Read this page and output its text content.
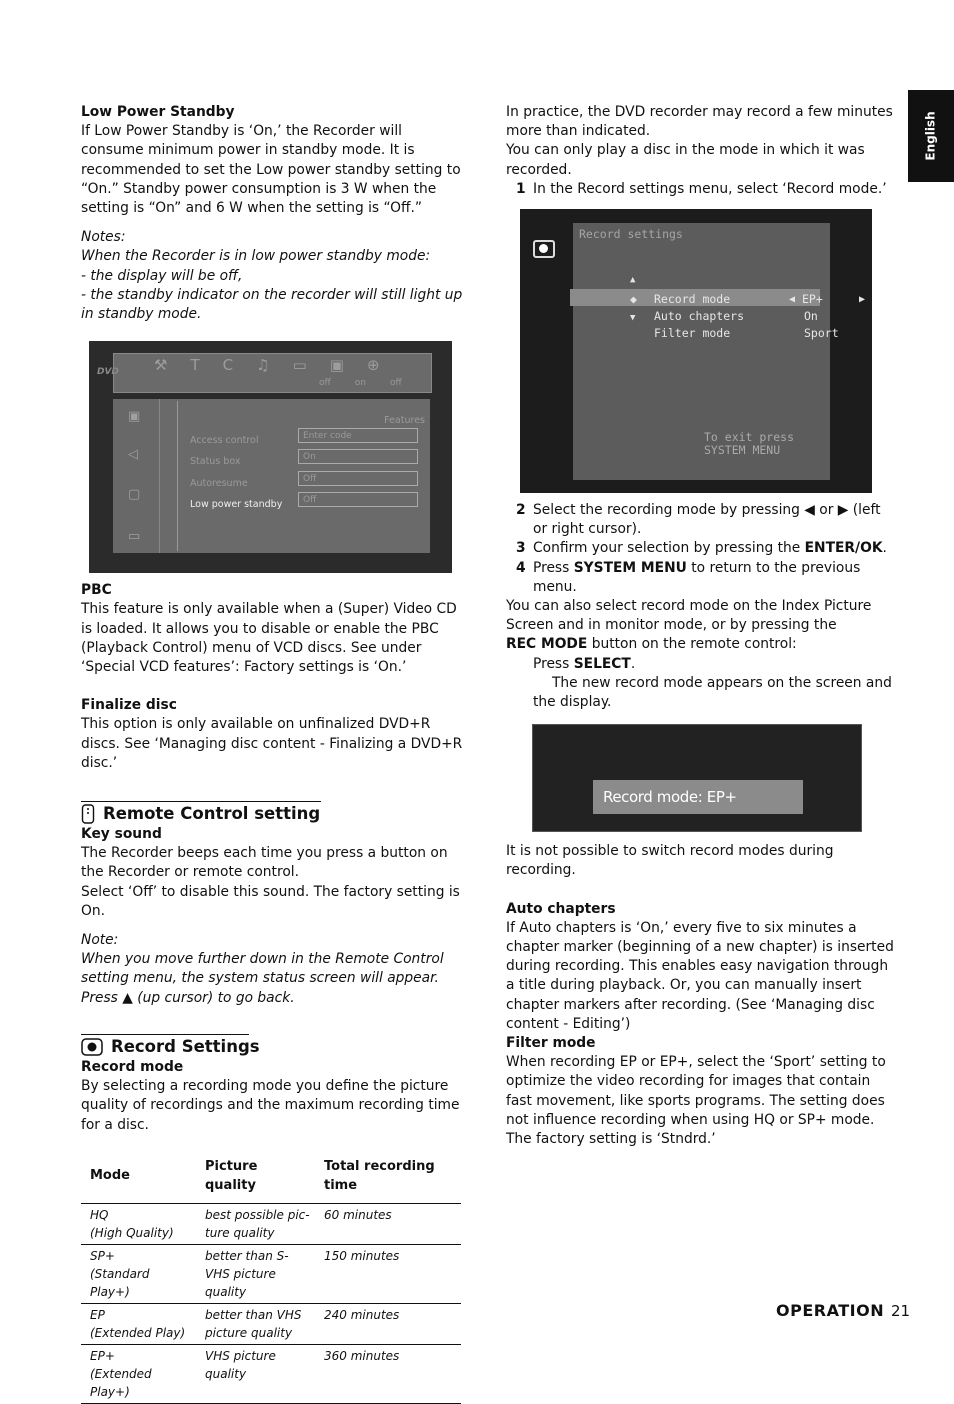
English

Low Power Standby

If Low Power Standby is ‘On,’ the Recorder will consume minimum power in standby mode. It is recommended to set the Low power standby setting to “On.” Standby power consumption is 3 W when the setting is “On” and 6 W when the setting is “Off.”

Notes:

When the Recorder is in low power standby mode:

- the display will be off,

- the standby indicator on the recorder will still light up in standby mode.

⚒ T C ♫ ▭ ▣ ⊕
off	on	off
DVD
▣
◁
▢
▭
Features
Access control	Enter code
Status box	On
Autoresume	Off
Low power standby	Off

PBC

This feature is only available when a (Super) Video CD is loaded. It allows you to disable or enable the PBC (Playback Control) menu of VCD discs. See under ‘Special VCD features’: Factory settings is ‘On.’

Finalize disc

This option is only available on unfinalized DVD+R discs. See ‘Managing disc content - Finalizing a DVD+R disc.’

Remote Control setting

Key sound

The Recorder beeps each time you press a button on the Recorder or remote control.

Select ‘Off’ to disable this sound. The factory setting is On.

Note:

When you move further down in the Remote Control setting menu, the system status screen will appear. Press ▲ (up cursor) to go back.

Record Settings

Record mode

By selecting a recording mode you define the picture quality of recordings and the maximum recording time for a disc.

Mode	Picture quality	Total recording time
HQ
(High Quality)	best possible pic-ture quality	60 minutes
SP+
(Standard Play+)	better than S-VHS picture quality	150 minutes
EP
(Extended Play)	better than VHS picture quality	240 minutes
EP+
(Extended Play+)	VHS picture quality	360 minutes

In practice, the DVD recorder may record a few minutes more than indicated.

You can only play a disc in the mode in which it was recorded.

1 In the Record settings menu, select ‘Record mode.’
Record settings
▲
◆ Record mode	◀ EP+	▶
▼ Auto chapters	On
Filter mode	Sport
To exit press
SYSTEM MENU
2 Select the recording mode by pressing ◀ or ▶ (left or right cursor).
3 Confirm your selection by pressing the ENTER/OK.
4 Press SYSTEM MENU to return to the previous menu.

You can also select record mode on the Index Picture Screen and in monitor mode, or by pressing the

REC MODE button on the remote control:

Press SELECT.

The new record mode appears on the screen and the display.

Record mode: EP+

It is not possible to switch record modes during recording.

Auto chapters

If Auto chapters is ‘On,’ every five to six minutes a chapter marker (beginning of a new chapter) is inserted during recording. This enables easy navigation through a title during playback. Or, you can manually insert chapter markers after recording. (See ‘Managing disc content - Editing’)

Filter mode

When recording EP or EP+, select the ‘Sport’ setting to optimize the video recording for images that contain fast movement, like sports programs. The setting does not influence recording when using HQ or SP+ mode.

The factory setting is ‘Stndrd.’

OPERATION 21
